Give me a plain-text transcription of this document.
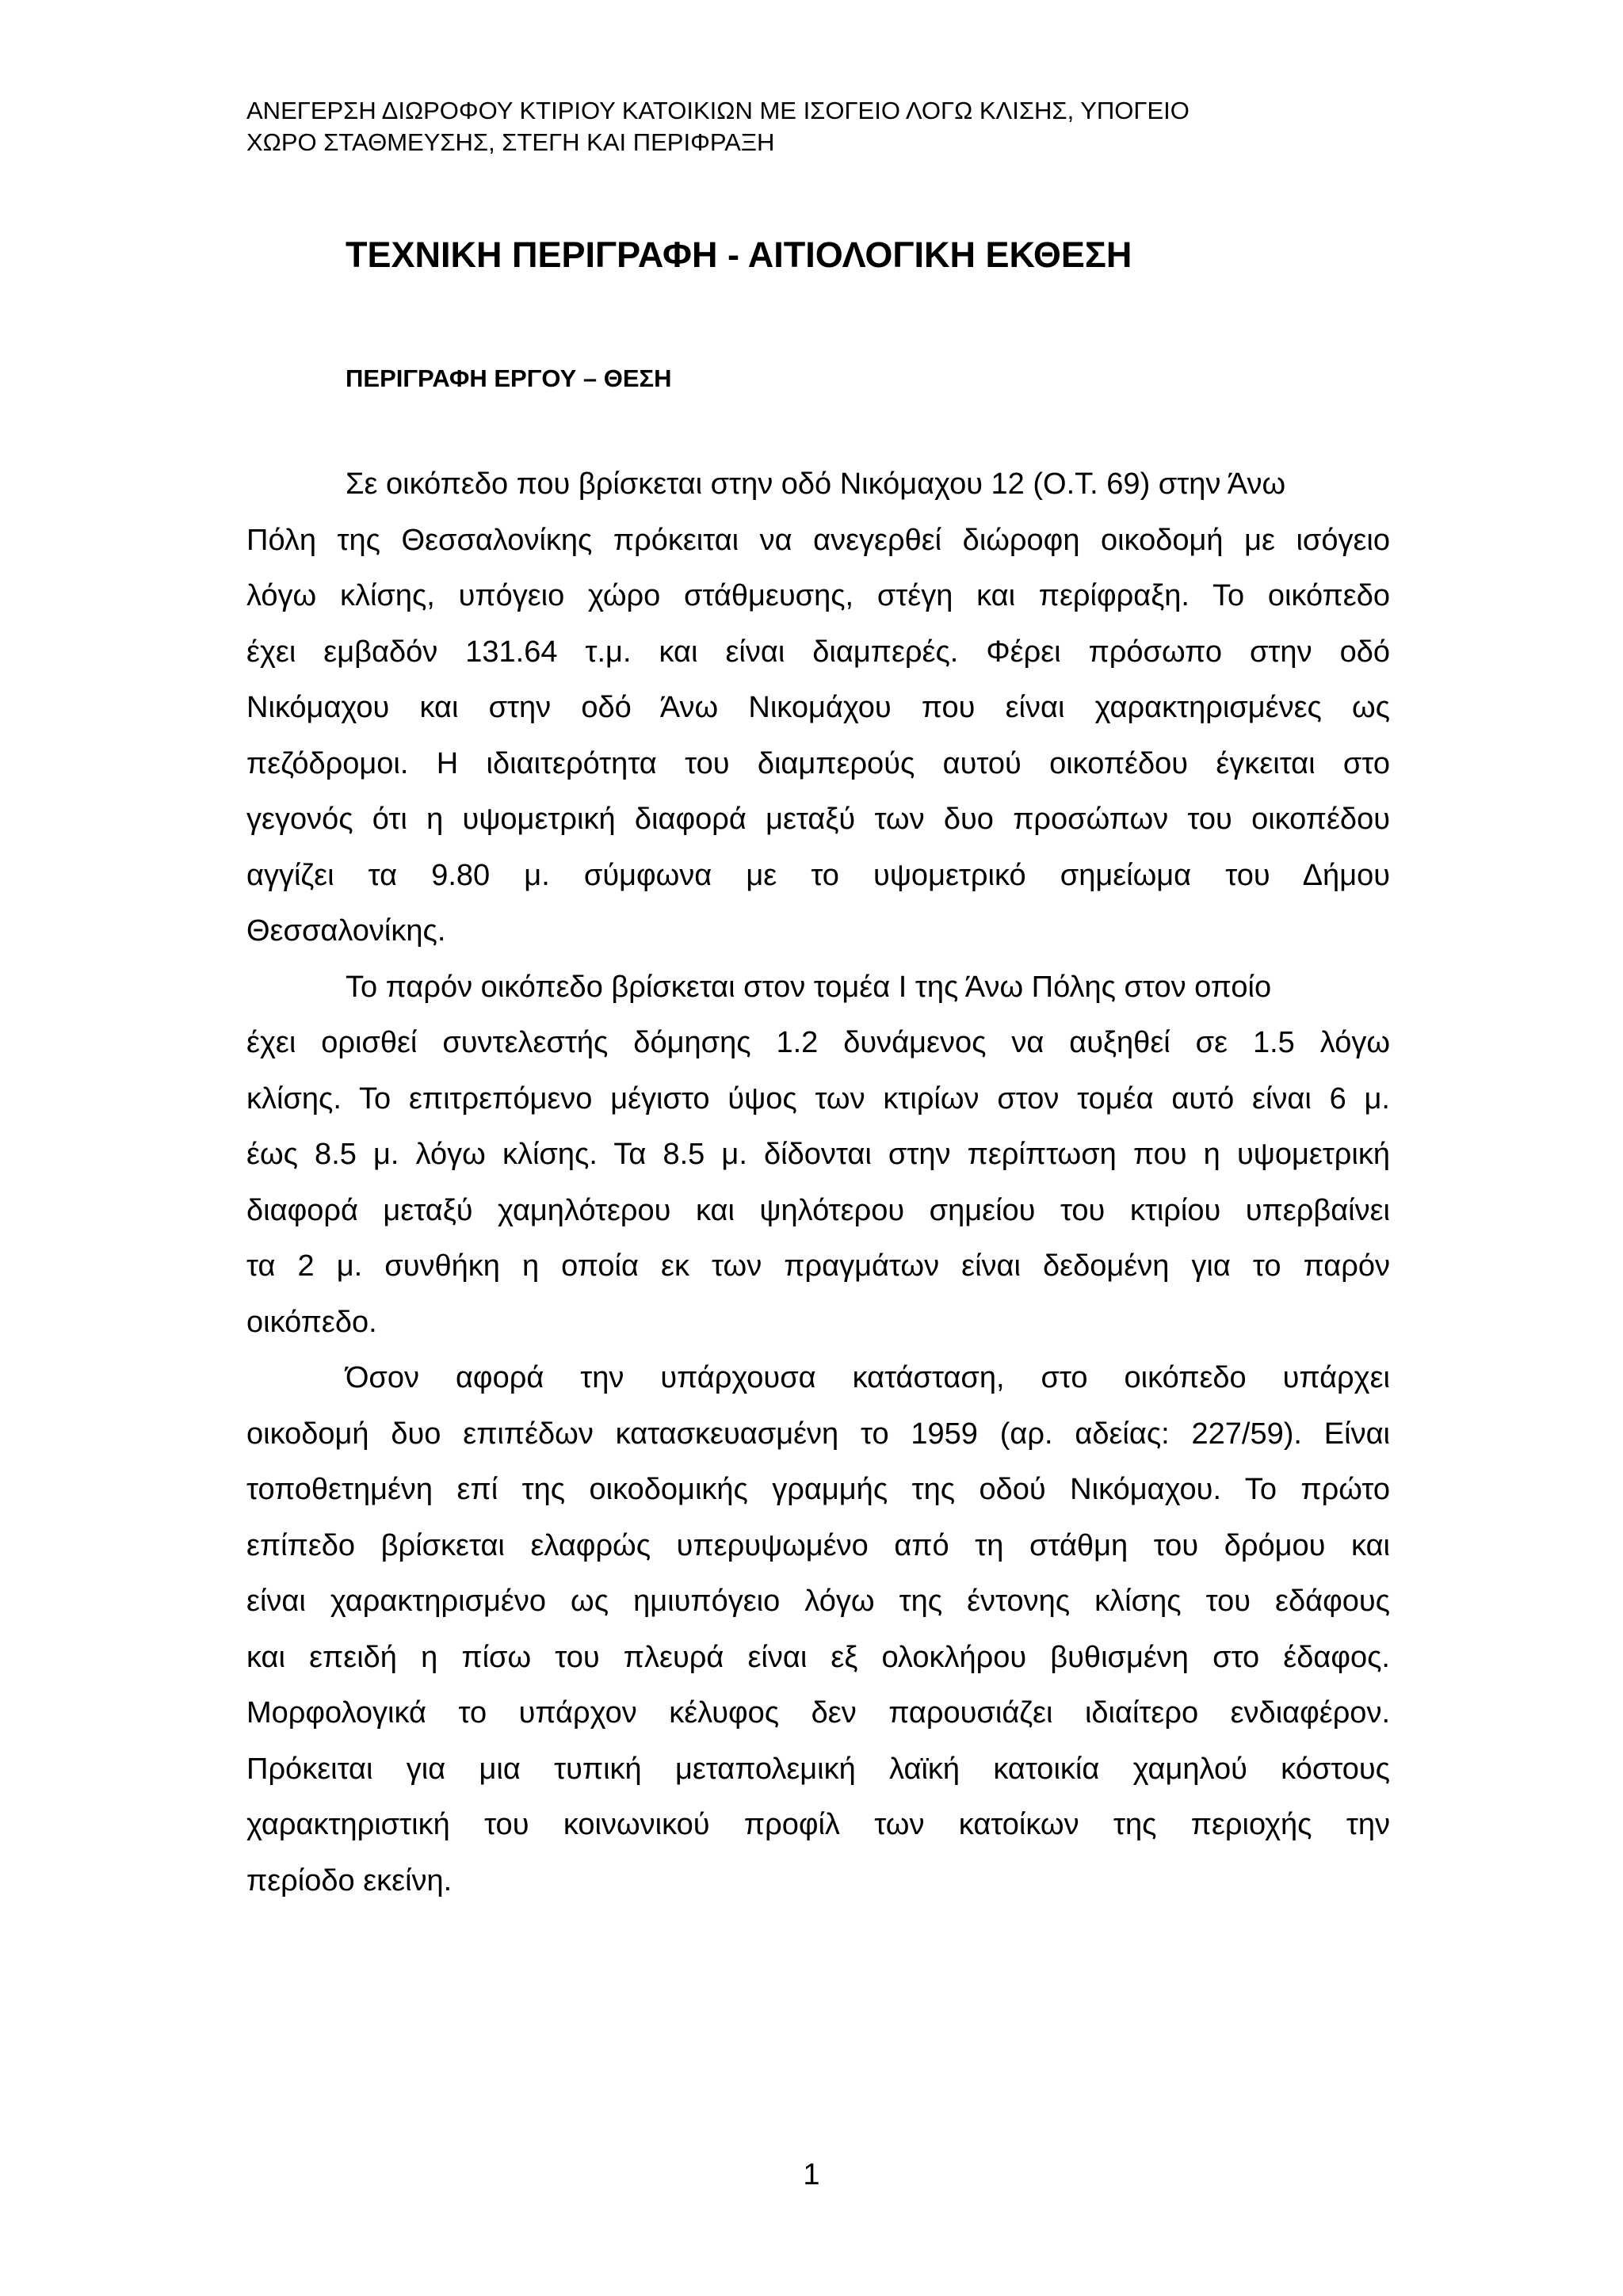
ΑΝΕΓΕΡΣΗ ΔΙΩΡΟΦΟΥ ΚΤΙΡΙΟΥ ΚΑΤΟΙΚΙΩΝ ΜΕ ΙΣΟΓΕΙΟ ΛΟΓΩ ΚΛΙΣΗΣ, ΥΠΟΓΕΙΟ
ΧΩΡΟ ΣΤΑΘΜΕΥΣΗΣ, ΣΤΕΓΗ ΚΑΙ ΠΕΡΙΦΡΑΞΗ
ΤΕΧΝΙΚΗ ΠΕΡΙΓΡΑΦΗ - ΑΙΤΙΟΛΟΓΙΚΗ ΕΚΘΕΣΗ
ΠΕΡΙΓΡΑΦΗ ΕΡΓΟΥ – ΘΕΣΗ
Σε οικόπεδο που βρίσκεται στην οδό Νικόμαχου 12 (Ο.Τ. 69) στην Άνω
Πόλη της Θεσσαλονίκης πρόκειται να ανεγερθεί διώροφη οικοδομή με ισόγειο
λόγω κλίσης, υπόγειο χώρο στάθμευσης, στέγη και περίφραξη. Το οικόπεδο
έχει εμβαδόν 131.64 τ.μ. και είναι διαμπερές. Φέρει πρόσωπο στην οδό
Νικόμαχου και στην οδό Άνω Νικομάχου που είναι χαρακτηρισμένες ως
πεζόδρομοι. Η ιδιαιτερότητα του διαμπερούς αυτού οικοπέδου έγκειται στο
γεγονός ότι η υψομετρική διαφορά μεταξύ των δυο προσώπων του οικοπέδου
αγγίζει τα 9.80 μ. σύμφωνα με το υψομετρικό σημείωμα του Δήμου
Θεσσαλονίκης.
Το παρόν οικόπεδο βρίσκεται στον τομέα Ι της Άνω Πόλης στον οποίο
έχει ορισθεί συντελεστής δόμησης 1.2 δυνάμενος να αυξηθεί σε 1.5 λόγω
κλίσης. Το επιτρεπόμενο μέγιστο ύψος των κτιρίων στον τομέα αυτό είναι 6 μ.
έως 8.5 μ. λόγω κλίσης. Τα 8.5 μ. δίδονται στην περίπτωση που η υψομετρική
διαφορά μεταξύ χαμηλότερου και ψηλότερου σημείου του κτιρίου υπερβαίνει
τα 2 μ. συνθήκη η οποία εκ των πραγμάτων είναι δεδομένη για το παρόν
οικόπεδο.
Όσον αφορά την υπάρχουσα κατάσταση, στο οικόπεδο υπάρχει
οικοδομή δυο επιπέδων κατασκευασμένη το 1959 (αρ. αδείας: 227/59). Είναι
τοποθετημένη επί της οικοδομικής γραμμής της οδού Νικόμαχου. Το πρώτο
επίπεδο βρίσκεται ελαφρώς υπερυψωμένο από τη στάθμη του δρόμου και
είναι χαρακτηρισμένο ως ημιυπόγειο λόγω της έντονης κλίσης του εδάφους
και επειδή η πίσω του πλευρά είναι εξ ολοκλήρου βυθισμένη στο έδαφος.
Μορφολογικά το υπάρχον κέλυφος δεν παρουσιάζει ιδιαίτερο ενδιαφέρον.
Πρόκειται για μια τυπική μεταπολεμική λαϊκή κατοικία χαμηλού κόστους
χαρακτηριστική του κοινωνικού προφίλ των κατοίκων της περιοχής την
περίοδο εκείνη.
1
